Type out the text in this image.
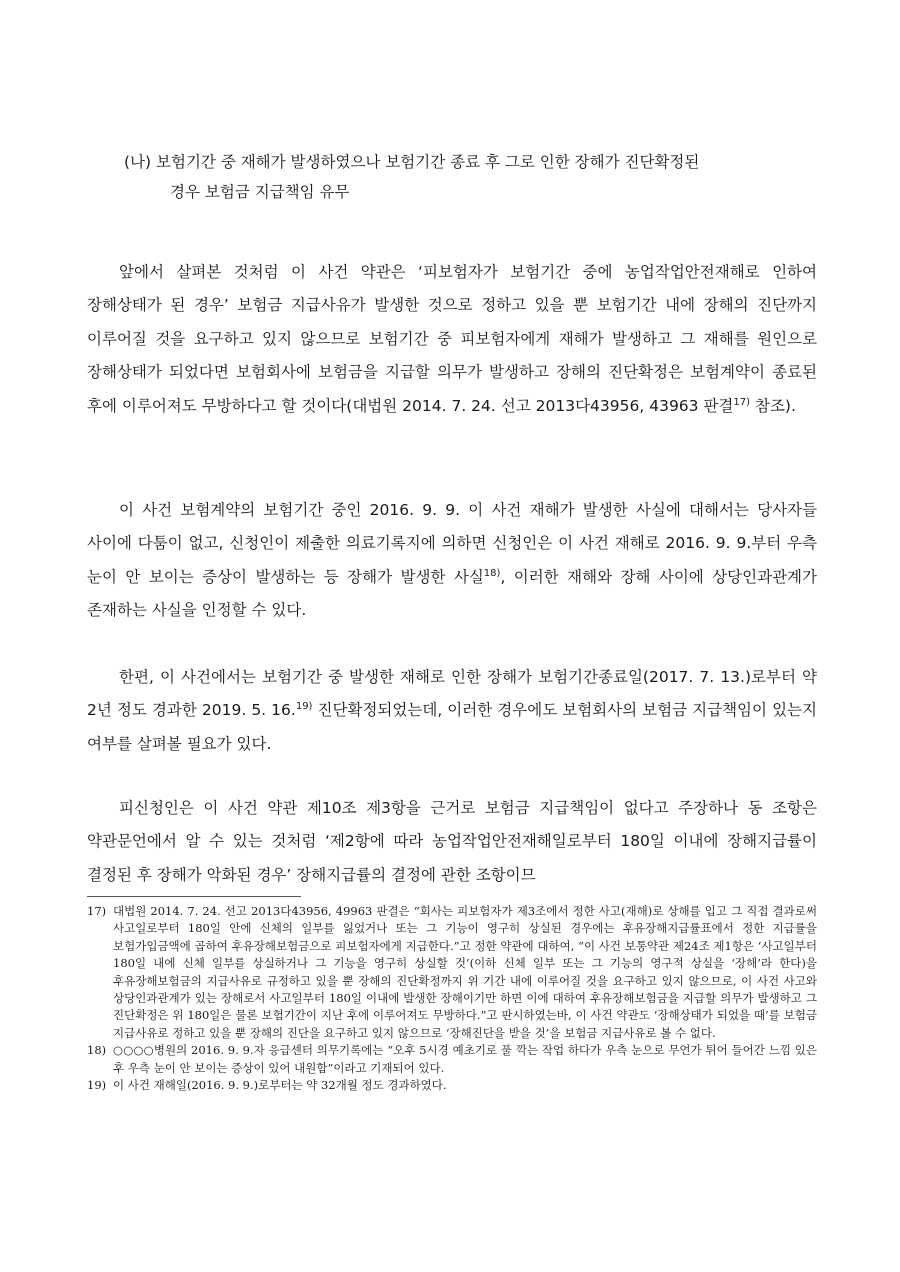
(나) 보험기간 중 재해가 발생하였으나 보험기간 종료 후 그로 인한 장해가 진단확정된
경우 보험금 지급책임 유무

앞에서 살펴본 것처럼 이 사건 약관은 ‘피보험자가 보험기간 중에 농업작업안전재해로 인하여 장해상태가 된 경우’ 보험금 지급사유가 발생한 것으로 정하고 있을 뿐 보험기간 내에 장해의 진단까지 이루어질 것을 요구하고 있지 않으므로 보험기간 중 피보험자에게 재해가 발생하고 그 재해를 원인으로 장해상태가 되었다면 보험회사에 보험금을 지급할 의무가 발생하고 장해의 진단확정은 보험계약이 종료된 후에 이루어져도 무방하다고 할 것이다(대법원 2014. 7. 24. 선고 2013다43956, 43963 판결$^{17)}$ 참조).

이 사건 보험계약의 보험기간 중인 2016. 9. 9. 이 사건 재해가 발생한 사실에 대해서는 당사자들 사이에 다툼이 없고, 신청인이 제출한 의료기록지에 의하면 신청인은 이 사건 재해로 2016. 9. 9.부터 우측 눈이 안 보이는 증상이 발생하는 등 장해가 발생한 사실$^{18)}$, 이러한 재해와 장해 사이에 상당인과관계가 존재하는 사실을 인정할 수 있다.

한편, 이 사건에서는 보험기간 중 발생한 재해로 인한 장해가 보험기간종료일(2017. 7. 13.)로부터 약 2년 정도 경과한 2019. 5. 16.$^{19)}$ 진단확정되었는데, 이러한 경우에도 보험회사의 보험금 지급책임이 있는지 여부를 살펴볼 필요가 있다.

피신청인은 이 사건 약관 제10조 제3항을 근거로 보험금 지급책임이 없다고 주장하나 동 조항은 약관문언에서 알 수 있는 것처럼 ‘제2항에 따라 농업작업안전재해일로부터 180일 이내에 장해지급률이 결정된 후 장해가 악화된 경우’ 장해지급률의 결정에 관한 조항이므

17) 대법원 2014. 7. 24. 선고 2013다43956, 49963 판결은 “회사는 피보험자가 제3조에서 정한 사고(재해)로 상해를 입고 그 직접 결과로써 사고일로부터 180일 안에 신체의 일부를 잃었거나 또는 그 기능이 영구히 상실된 경우에는 후유장해지급률표에서 정한 지급률을 보험가입금액에 곱하여 후유장해보험금으로 피보험자에게 지급한다.”고 정한 약관에 대하여, “이 사건 보통약관 제24조 제1항은 ‘사고일부터 180일 내에 신체 일부를 상실하거나 그 기능을 영구히 상실할 것’(이하 신체 일부 또는 그 기능의 영구적 상실을 ‘장해’라 한다)을 후유장해보험금의 지급사유로 규정하고 있을 뿐 장해의 진단확정까지 위 기간 내에 이루어질 것을 요구하고 있지 않으므로, 이 사건 사고와 상당인과관계가 있는 장해로서 사고일부터 180일 이내에 발생한 장해이기만 하면 이에 대하여 후유장해보험금을 지급할 의무가 발생하고 그 진단확정은 위 180일은 물론 보험기간이 지난 후에 이루어져도 무방하다.”고 판시하였는바, 이 사건 약관도 ‘장해상태가 되었을 때’를 보험금 지급사유로 정하고 있을 뿐 장해의 진단을 요구하고 있지 않으므로 ‘장해진단을 받을 것’을 보험금 지급사유로 볼 수 없다.
18) ○○○○병원의 2016. 9. 9.자 응급센터 의무기록에는 “오후 5시경 예초기로 풀 깍는 작업 하다가 우측 눈으로 무언가 튀어 들어간 느낌 있은 후 우측 눈이 안 보이는 증상이 있어 내원함”이라고 기재되어 있다.
19) 이 사건 재해일(2016. 9. 9.)로부터는 약 32개월 정도 경과하였다.
